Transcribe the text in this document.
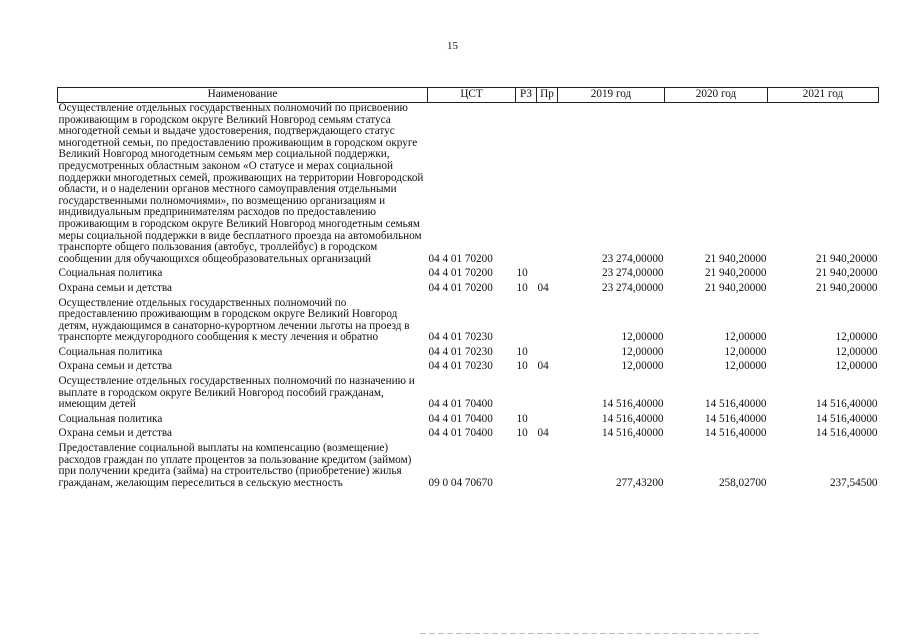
15
Наименование	ЦСТ	РЗ	Пр	2019 год	2020 год	2021 год
Осуществление отдельных государственных полномочий по присвоению проживающим в городском округе Великий Новгород семьям статуса многодетной семьи и выдаче удостоверения, подтверждающего статус многодетной семьи, по предоставлению проживающим в городском округе Великий Новгород многодетным семьям мер социальной поддержки, предусмотренных областным законом «О статусе и мерах социальной поддержки многодетных семей, проживающих на территории Новгородской области, и о наделении органов местного самоуправления отдельными государственными полномочиями», по возмещению организациям и индивидуальным предпринимателям расходов по предоставлению проживающим в городском округе Великий Новгород многодетным семьям меры социальной поддержки в виде бесплатного проезда на автомобильном транспорте общего пользования (автобус, троллейбус) в городском сообщении для обучающихся общеобразовательных организаций	04 4 01 70200			23 274,00000	21 940,20000	21 940,20000
Социальная политика	04 4 01 70200	10		23 274,00000	21 940,20000	21 940,20000
Охрана семьи и детства	04 4 01 70200	10	04	23 274,00000	21 940,20000	21 940,20000
Осуществление отдельных государственных полномочий по предоставлению проживающим в городском округе Великий Новгород детям, нуждающимся в санаторно-курортном лечении льготы на проезд в транспорте междугородного сообщения к месту лечения и обратно	04 4 01 70230			12,00000	12,00000	12,00000
Социальная политика	04 4 01 70230	10		12,00000	12,00000	12,00000
Охрана семьи и детства	04 4 01 70230	10	04	12,00000	12,00000	12,00000
Осуществление отдельных государственных полномочий по назначению и выплате в городском округе Великий Новгород пособий гражданам, имеющим детей	04 4 01 70400			14 516,40000	14 516,40000	14 516,40000
Социальная политика	04 4 01 70400	10		14 516,40000	14 516,40000	14 516,40000
Охрана семьи и детства	04 4 01 70400	10	04	14 516,40000	14 516,40000	14 516,40000
Предоставление социальной выплаты на компенсацию (возмещение) расходов граждан по уплате процентов за пользование кредитом (займом) при получении кредита (займа) на строительство (приобретение) жилья гражданам, желающим переселиться в сельскую местность	09 0 04 70670			277,43200	258,02700	237,54500
